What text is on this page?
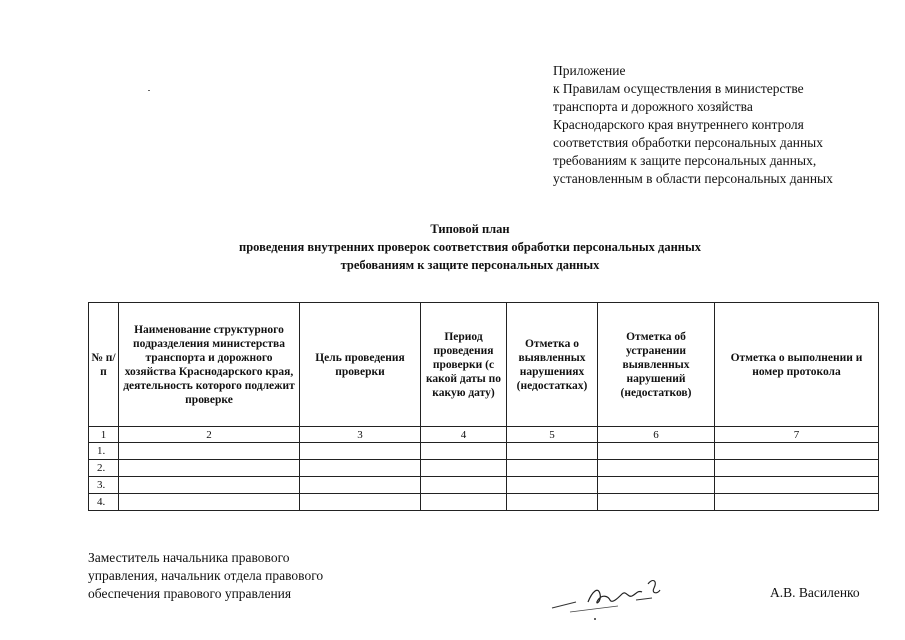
Приложение
к Правилам осуществления в министерстве
транспорта и дорожного хозяйства
Краснодарского края внутреннего контроля
соответствия обработки персональных данных
требованиям к защите персональных данных,
установленным в области персональных данных
Типовой план
проведения внутренних проверок соответствия обработки персональных данных
требованиям к защите персональных данных
№ п/п	Наименование структурного подразделения министерства транспорта и дорожного хозяйства Краснодарского края, деятельность которого подлежит проверке	Цель проведения проверки	Период проведения проверки (с какой даты по какую дату)	Отметка о выявленных нарушениях (недостатках)	Отметка об устранении выявленных нарушений (недостатков)	Отметка о выполнении и номер протокола
1	2	3	4	5	6	7
1.						
2.						
3.						
4.						
Заместитель начальника правового
управления, начальник отдела правового
обеспечения правового управления	А.В. Василенко
